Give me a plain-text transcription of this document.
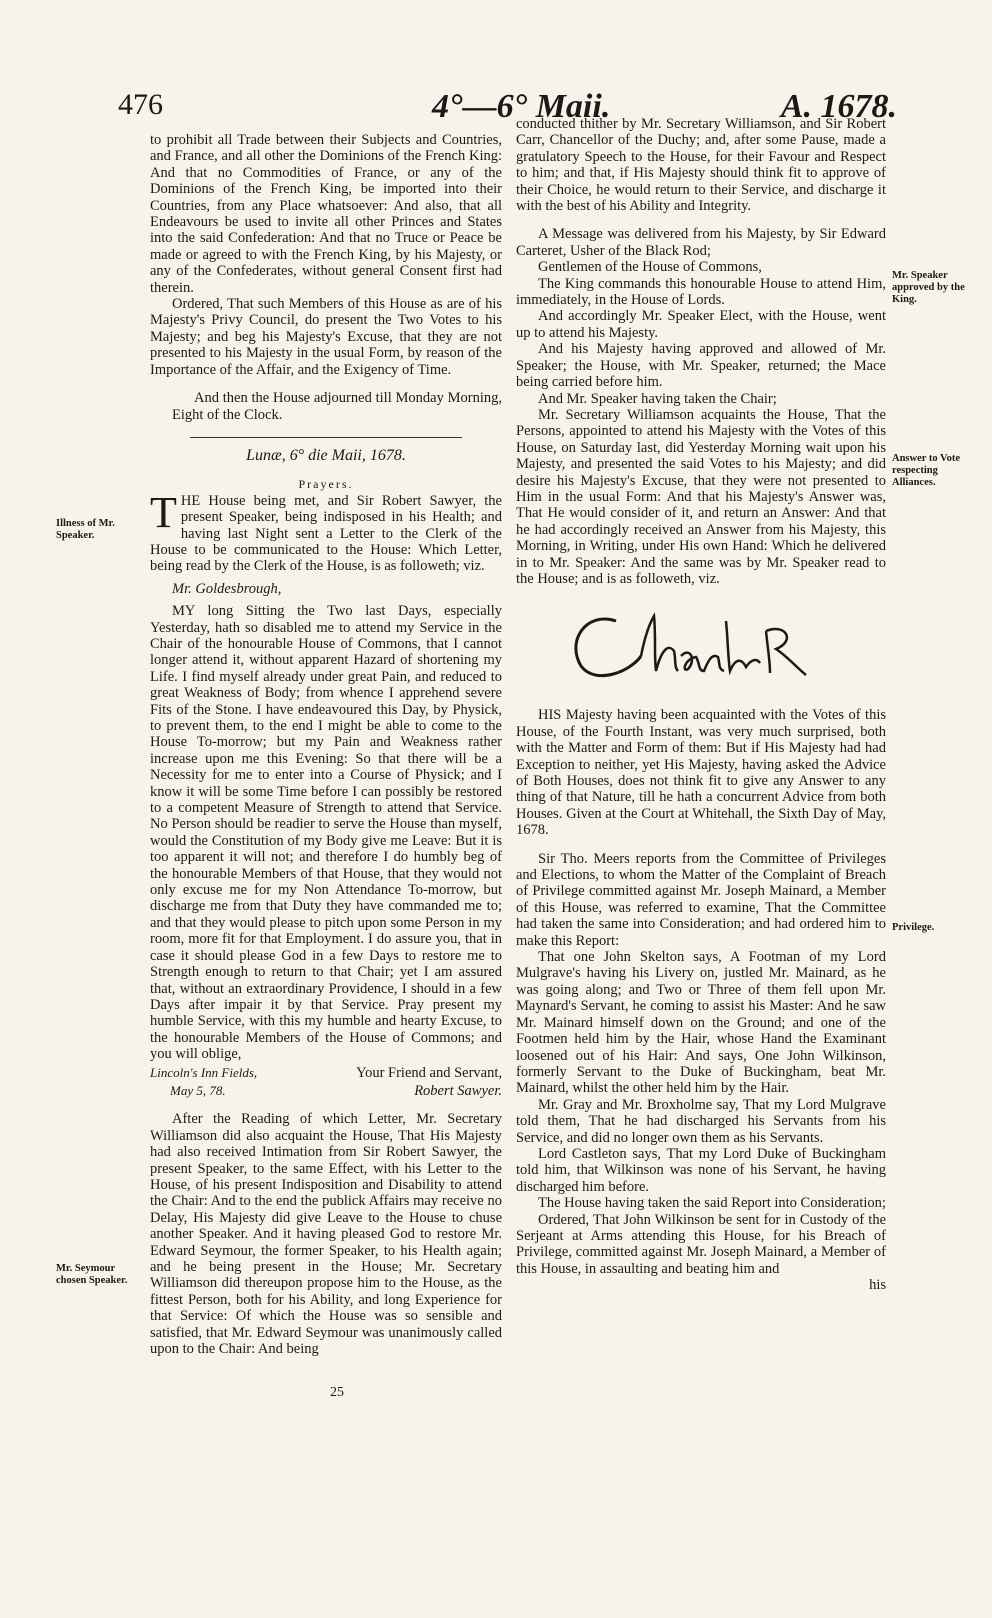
476	4°—6° Maii.	A. 1678.
Illness of Mr. Speaker.
Mr. Seymour chosen Speaker.
Mr. Speaker approved by the King.
Answer to Vote respecting Alliances.
Privilege.

to prohibit all Trade between their Subjects and Countries, and France, and all other the Dominions of the French King: And that no Commodities of France, or any of the Dominions of the French King, be imported into their Countries, from any Place whatsoever: And also, that all Endeavours be used to invite all other Princes and States into the said Confederation: And that no Truce or Peace be made or agreed to with the French King, by his Majesty, or any of the Confederates, without general Consent first had therein.

Ordered, That such Members of this House as are of his Majesty's Privy Council, do present the Two Votes to his Majesty; and beg his Majesty's Excuse, that they are not presented to his Majesty in the usual Form, by reason of the Importance of the Affair, and the Exigency of Time.

And then the House adjourned till Monday Morning, Eight of the Clock.

Lunæ, 6° die Maii, 1678.

Prayers.

THE House being met, and Sir Robert Sawyer, the present Speaker, being indisposed in his Health; and having last Night sent a Letter to the Clerk of the House to be communicated to the House: Which Letter, being read by the Clerk of the House, is as followeth; viz.

Mr. Goldesbrough,

MY long Sitting the Two last Days, especially Yesterday, hath so disabled me to attend my Service in the Chair of the honourable House of Commons, that I cannot longer attend it, without apparent Hazard of shortening my Life. I find myself already under great Pain, and reduced to great Weakness of Body; from whence I apprehend severe Fits of the Stone. I have endeavoured this Day, by Physick, to prevent them, to the end I might be able to come to the House To-morrow; but my Pain and Weakness rather increase upon me this Evening: So that there will be a Necessity for me to enter into a Course of Physick; and I know it will be some Time before I can possibly be restored to a competent Measure of Strength to attend that Service. No Person should be readier to serve the House than myself, would the Constitution of my Body give me Leave: But it is too apparent it will not; and therefore I do humbly beg of the honourable Members of that House, that they would not only excuse me for my Non Attendance To-morrow, but discharge me from that Duty they have commanded me to; and that they would please to pitch upon some Person in my room, more fit for that Employment. I do assure you, that in case it should please God in a few Days to restore me to Strength enough to return to that Chair; yet I am assured that, without an extraordinary Providence, I should in a few Days after impair it by that Service. Pray present my humble Service, with this my humble and hearty Excuse, to the honourable Members of the House of Commons; and you will oblige,

Lincoln's Inn Fields,	Your Friend and Servant,
May 5, 78.	Robert Sawyer.

After the Reading of which Letter, Mr. Secretary Williamson did also acquaint the House, That His Majesty had also received Intimation from Sir Robert Sawyer, the present Speaker, to the same Effect, with his Letter to the House, of his present Indisposition and Disability to attend the Chair: And to the end the publick Affairs may receive no Delay, His Majesty did give Leave to the House to chuse another Speaker. And it having pleased God to restore Mr. Edward Seymour, the former Speaker, to his Health again; and he being present in the House; Mr. Secretary Williamson did thereupon propose him to the House, as the fittest Person, both for his Ability, and long Experience for that Service: Of which the House was so sensible and satisfied, that Mr. Edward Seymour was unanimously called upon to the Chair: And being

conducted thither by Mr. Secretary Williamson, and Sir Robert Carr, Chancellor of the Duchy; and, after some Pause, made a gratulatory Speech to the House, for their Favour and Respect to him; and that, if His Majesty should think fit to approve of their Choice, he would return to their Service, and discharge it with the best of his Ability and Integrity.

A Message was delivered from his Majesty, by Sir Edward Carteret, Usher of the Black Rod;

Gentlemen of the House of Commons,

The King commands this honourable House to attend Him, immediately, in the House of Lords.

And accordingly Mr. Speaker Elect, with the House, went up to attend his Majesty.

And his Majesty having approved and allowed of Mr. Speaker; the House, with Mr. Speaker, returned; the Mace being carried before him.

And Mr. Speaker having taken the Chair;

Mr. Secretary Williamson acquaints the House, That the Persons, appointed to attend his Majesty with the Votes of this House, on Saturday last, did Yesterday Morning wait upon his Majesty, and presented the said Votes to his Majesty; and did desire his Majesty's Excuse, that they were not presented to Him in the usual Form: And that his Majesty's Answer was, That He would consider of it, and return an Answer: And that he had accordingly received an Answer from his Majesty, this Morning, in Writing, under His own Hand: Which he delivered in to Mr. Speaker: And the same was by Mr. Speaker read to the House; and is as followeth, viz.

Charles R

HIS Majesty having been acquainted with the Votes of this House, of the Fourth Instant, was very much surprised, both with the Matter and Form of them: But if His Majesty had had Exception to neither, yet His Majesty, having asked the Advice of Both Houses, does not think fit to give any Answer to any thing of that Nature, till he hath a concurrent Advice from both Houses. Given at the Court at Whitehall, the Sixth Day of May, 1678.

Sir Tho. Meers reports from the Committee of Privileges and Elections, to whom the Matter of the Complaint of Breach of Privilege committed against Mr. Joseph Mainard, a Member of this House, was referred to examine, That the Committee had taken the same into Consideration; and had ordered him to make this Report:

That one John Skelton says, A Footman of my Lord Mulgrave's having his Livery on, justled Mr. Mainard, as he was going along; and Two or Three of them fell upon Mr. Maynard's Servant, he coming to assist his Master: And he saw Mr. Mainard himself down on the Ground; and one of the Footmen held him by the Hair, whose Hand the Examinant loosened out of his Hair: And says, One John Wilkinson, formerly Servant to the Duke of Buckingham, beat Mr. Mainard, whilst the other held him by the Hair.

Mr. Gray and Mr. Broxholme say, That my Lord Mulgrave told them, That he had discharged his Servants from his Service, and did no longer own them as his Servants.

Lord Castleton says, That my Lord Duke of Buckingham told him, that Wilkinson was none of his Servant, he having discharged him before.

The House having taken the said Report into Consideration;

Ordered, That John Wilkinson be sent for in Custody of the Serjeant at Arms attending this House, for his Breach of Privilege, committed against Mr. Joseph Mainard, a Member of this House, in assaulting and beating him and

his

25
